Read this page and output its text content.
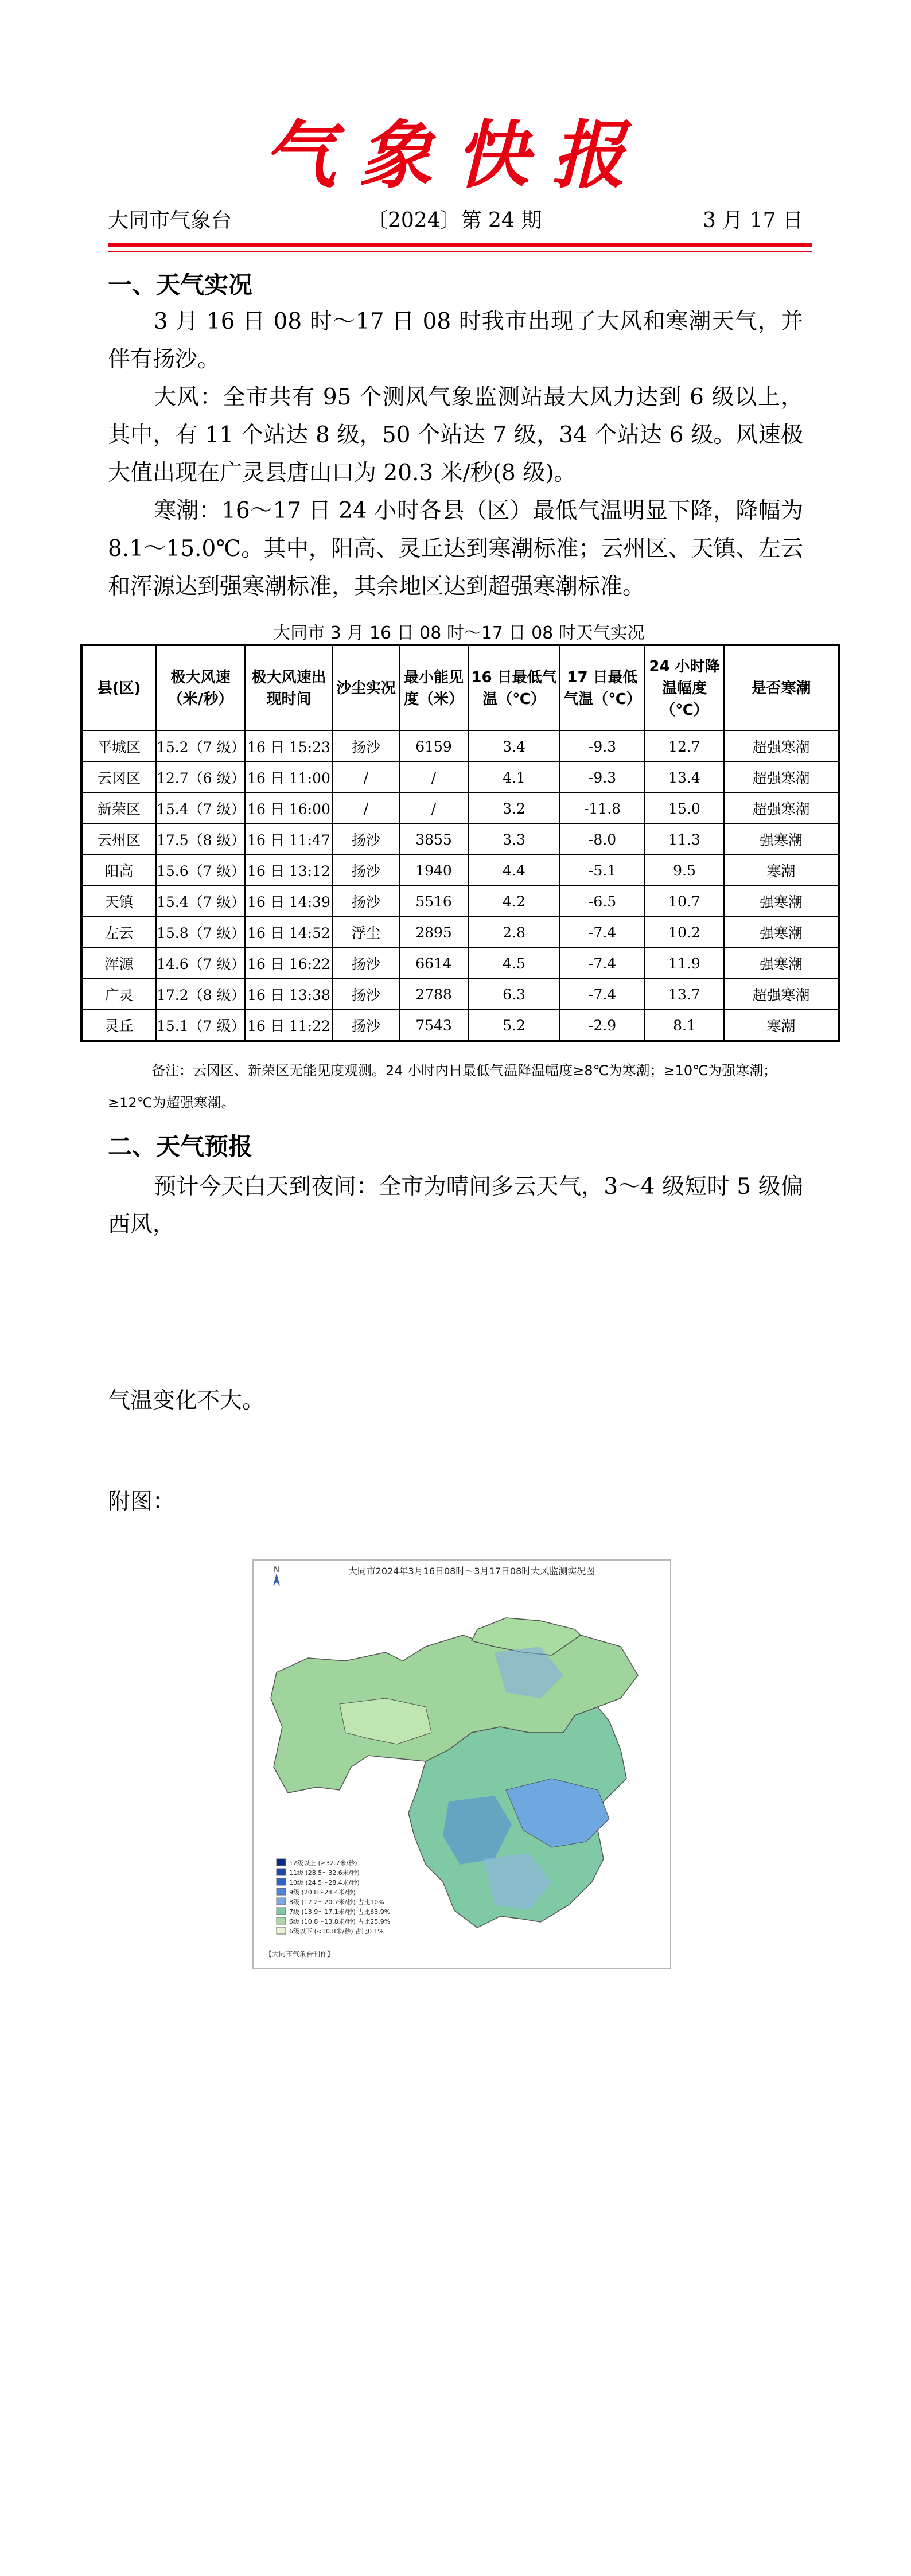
气象快报
大同市气象台	〔2024〕第 24 期	3 月 17 日
一、天气实况

3 月 16 日 08 时～17 日 08 时我市出现了大风和寒潮天气，并伴有扬沙。

大风：全市共有 95 个测风气象监测站最大风力达到 6 级以上，其中，有 11 个站达 8 级，50 个站达 7 级，34 个站达 6 级。风速极大值出现在广灵县唐山口为 20.3 米/秒(8 级)。

寒潮：16～17 日 24 小时各县（区）最低气温明显下降，降幅为 8.1～15.0℃。其中，阳高、灵丘达到寒潮标准；云州区、天镇、左云和浑源达到强寒潮标准，其余地区达到超强寒潮标准。

大同市 3 月 16 日 08 时～17 日 08 时天气实况
县(区)	极大风速（米/秒）	极大风速出现时间	沙尘实况	最小能见度（米）	16 日最低气温（℃）	17 日最低气温（℃）	24 小时降温幅度（℃）	是否寒潮
平城区	15.2（7 级）	16 日 15:23	扬沙	6159	3.4	-9.3	12.7	超强寒潮
云冈区	12.7（6 级）	16 日 11:00	/	/	4.1	-9.3	13.4	超强寒潮
新荣区	15.4（7 级）	16 日 16:00	/	/	3.2	-11.8	15.0	超强寒潮
云州区	17.5（8 级）	16 日 11:47	扬沙	3855	3.3	-8.0	11.3	强寒潮
阳高	15.6（7 级）	16 日 13:12	扬沙	1940	4.4	-5.1	9.5	寒潮
天镇	15.4（7 级）	16 日 14:39	扬沙	5516	4.2	-6.5	10.7	强寒潮
左云	15.8（7 级）	16 日 14:52	浮尘	2895	2.8	-7.4	10.2	强寒潮
浑源	14.6（7 级）	16 日 16:22	扬沙	6614	4.5	-7.4	11.9	强寒潮
广灵	17.2（8 级）	16 日 13:38	扬沙	2788	6.3	-7.4	13.7	超强寒潮
灵丘	15.1（7 级）	16 日 11:22	扬沙	7543	5.2	-2.9	8.1	寒潮

备注：云冈区、新荣区无能见度观测。24 小时内日最低气温降温幅度≥8℃为寒潮；≥10℃为强寒潮；≥12℃为超强寒潮。

二、天气预报

预计今天白天到夜间：全市为晴间多云天气，3～4 级短时 5 级偏西风，

气温变化不大。
附图：
N	大同市2024年3月16日08时～3月17日08时大风监测实况图
12级以上 (≥32.7米/秒)
11级 (28.5～32.6米/秒)
10级 (24.5～28.4米/秒)
9级 (20.8～24.4米/秒)
8级 (17.2～20.7米/秒) 占比10%
7级 (13.9～17.1米/秒) 占比63.9%
6级 (10.8～13.8米/秒) 占比25.9%
6级以下 (<10.8米/秒) 占比0.1%
【大同市气象台制作】
